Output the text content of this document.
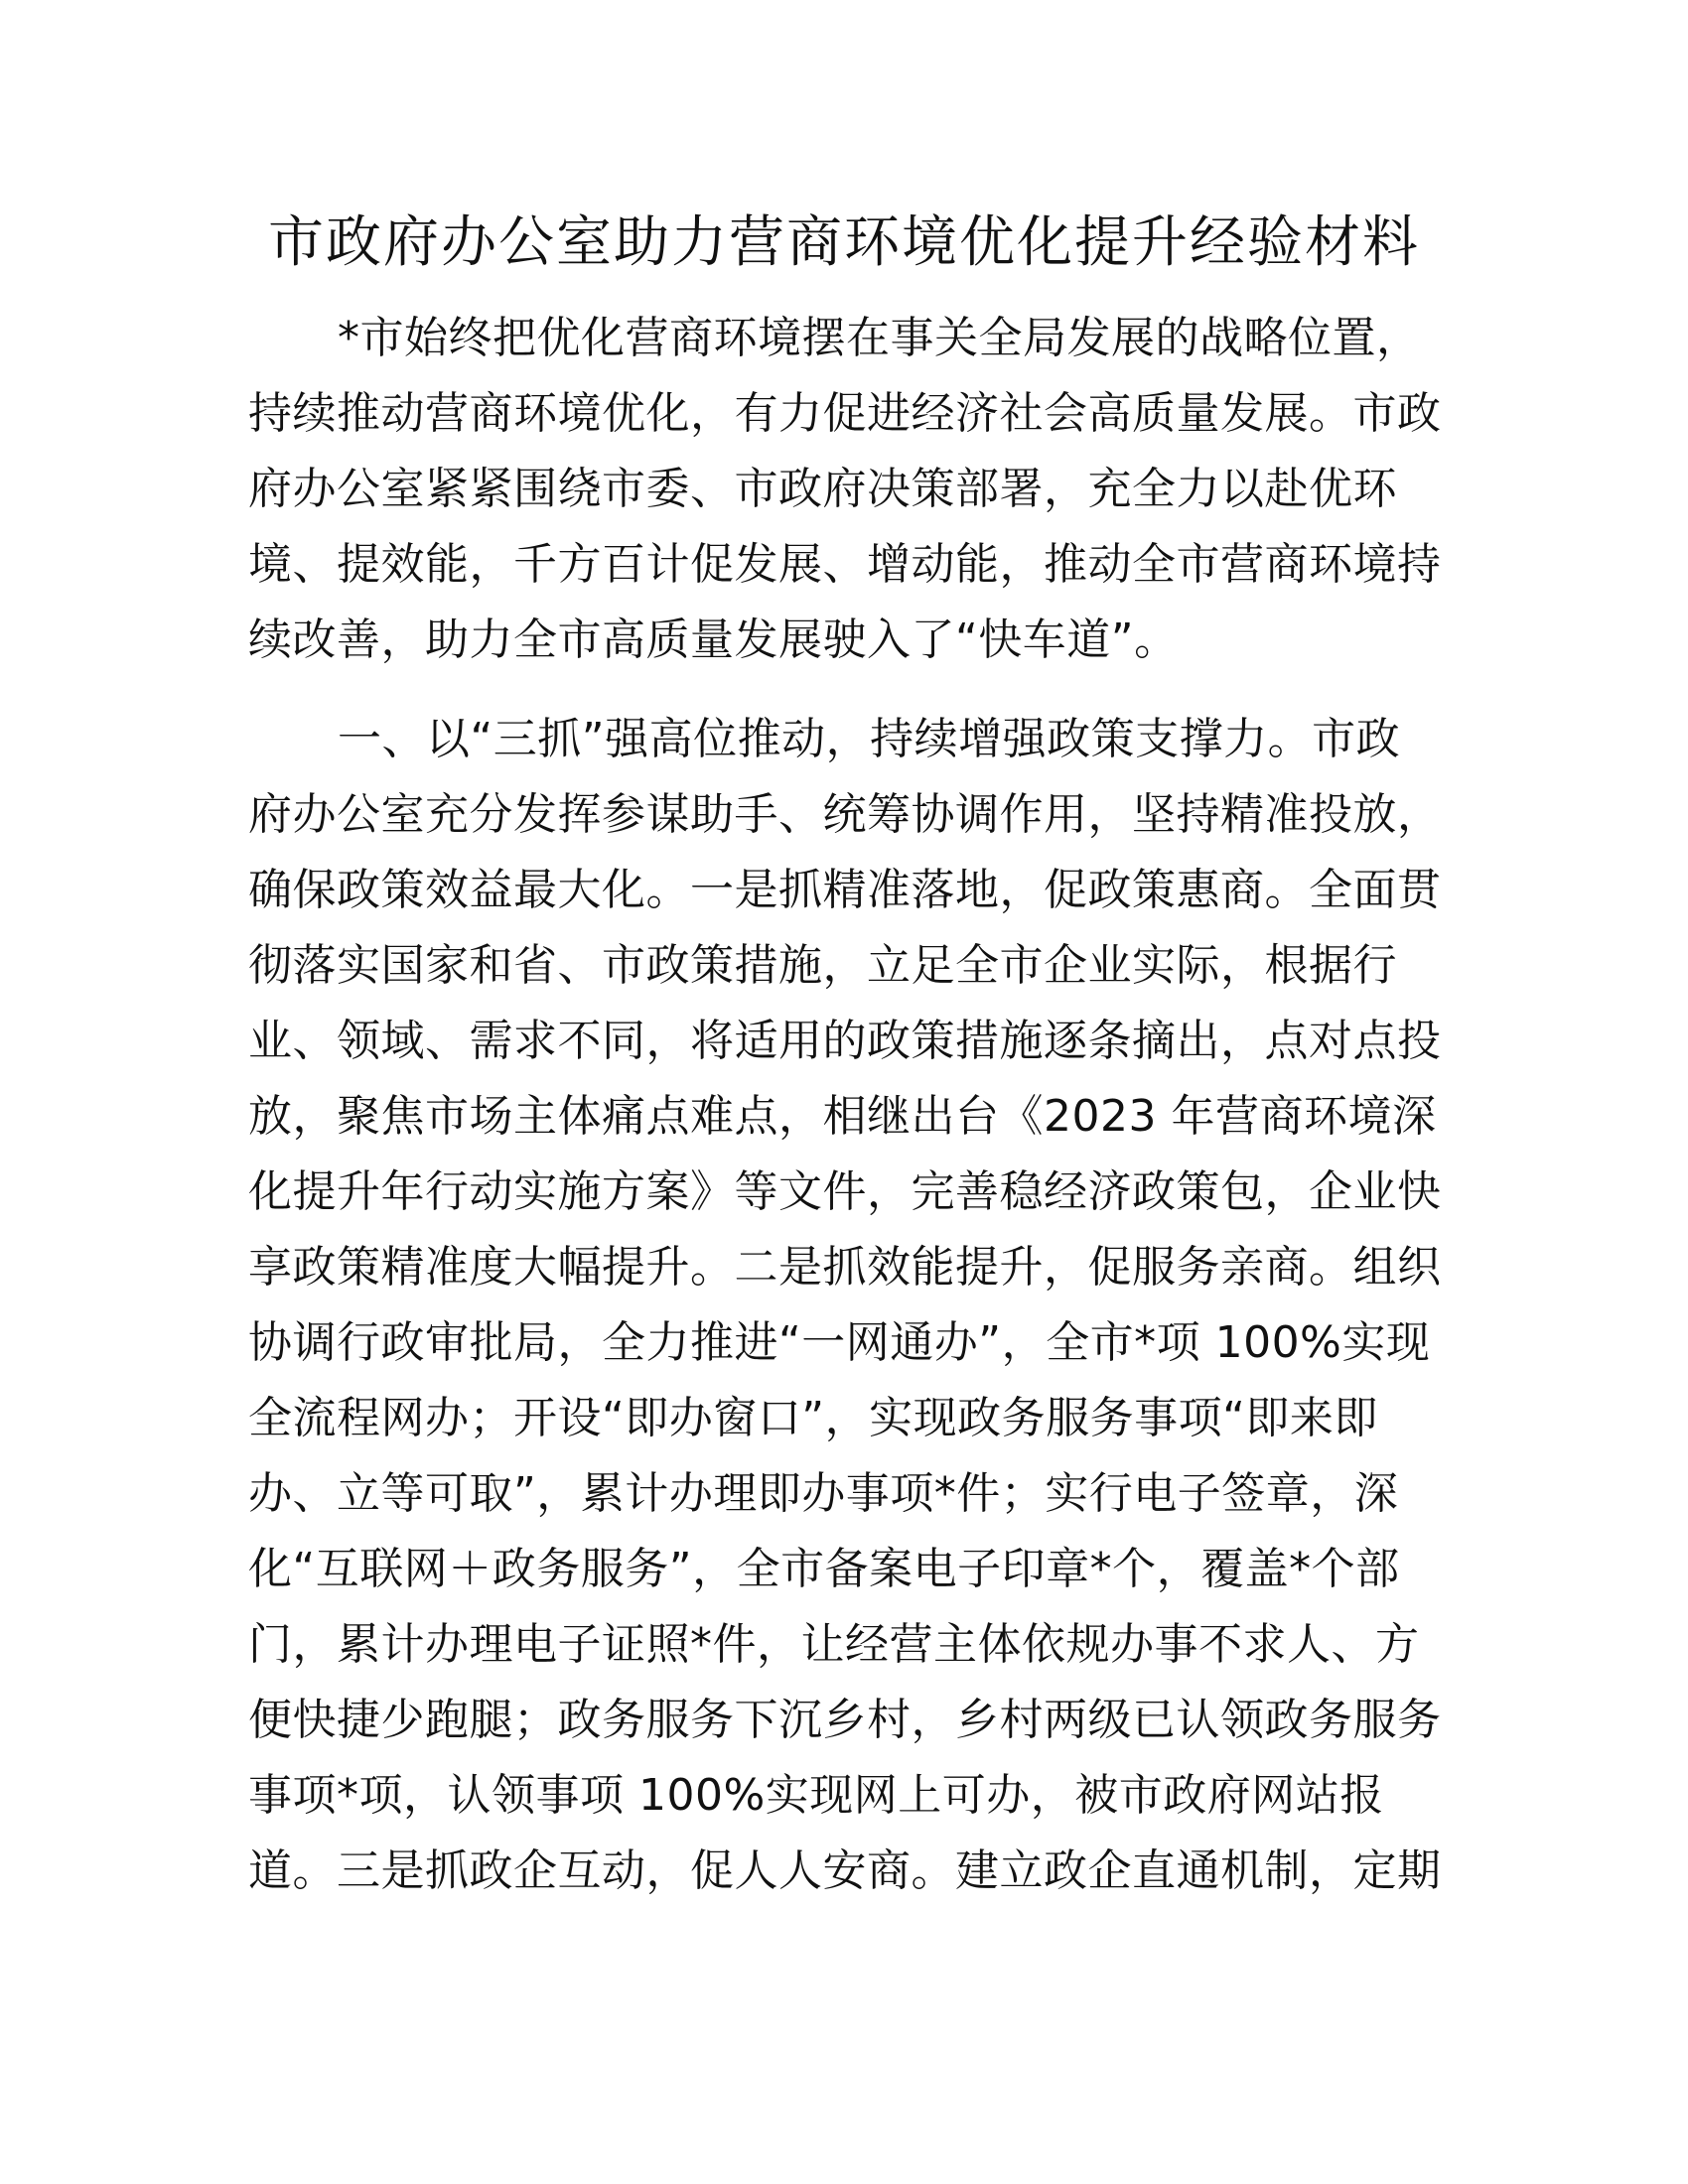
市政府办公室助力营商环境优化提升经验材料
*市始终把优化营商环境摆在事关全局发展的战略位置，
持续推动营商环境优化，有力促进经济社会高质量发展。市政
府办公室紧紧围绕市委、市政府决策部署，充全力以赴优环
境、提效能，千方百计促发展、增动能，推动全市营商环境持
续改善，助力全市高质量发展驶入了“快车道”。
一、以“三抓”强高位推动，持续增强政策支撑力。市政
府办公室充分发挥参谋助手、统筹协调作用，坚持精准投放，
确保政策效益最大化。一是抓精准落地，促政策惠商。全面贯
彻落实国家和省、市政策措施，立足全市企业实际，根据行
业、领域、需求不同，将适用的政策措施逐条摘出，点对点投
放，聚焦市场主体痛点难点，相继出台《2023 年营商环境深
化提升年行动实施方案》等文件，完善稳经济政策包，企业快
享政策精准度大幅提升。二是抓效能提升，促服务亲商。组织
协调行政审批局，全力推进“一网通办”，全市*项 100%实现
全流程网办；开设“即办窗口”，实现政务服务事项“即来即
办、立等可取”，累计办理即办事项*件；实行电子签章，深
化“互联网＋政务服务”，全市备案电子印章*个，覆盖*个部
门，累计办理电子证照*件，让经营主体依规办事不求人、方
便快捷少跑腿；政务服务下沉乡村，乡村两级已认领政务服务
事项*项，认领事项 100%实现网上可办，被市政府网站报
道。三是抓政企互动，促人人安商。建立政企直通机制，定期
